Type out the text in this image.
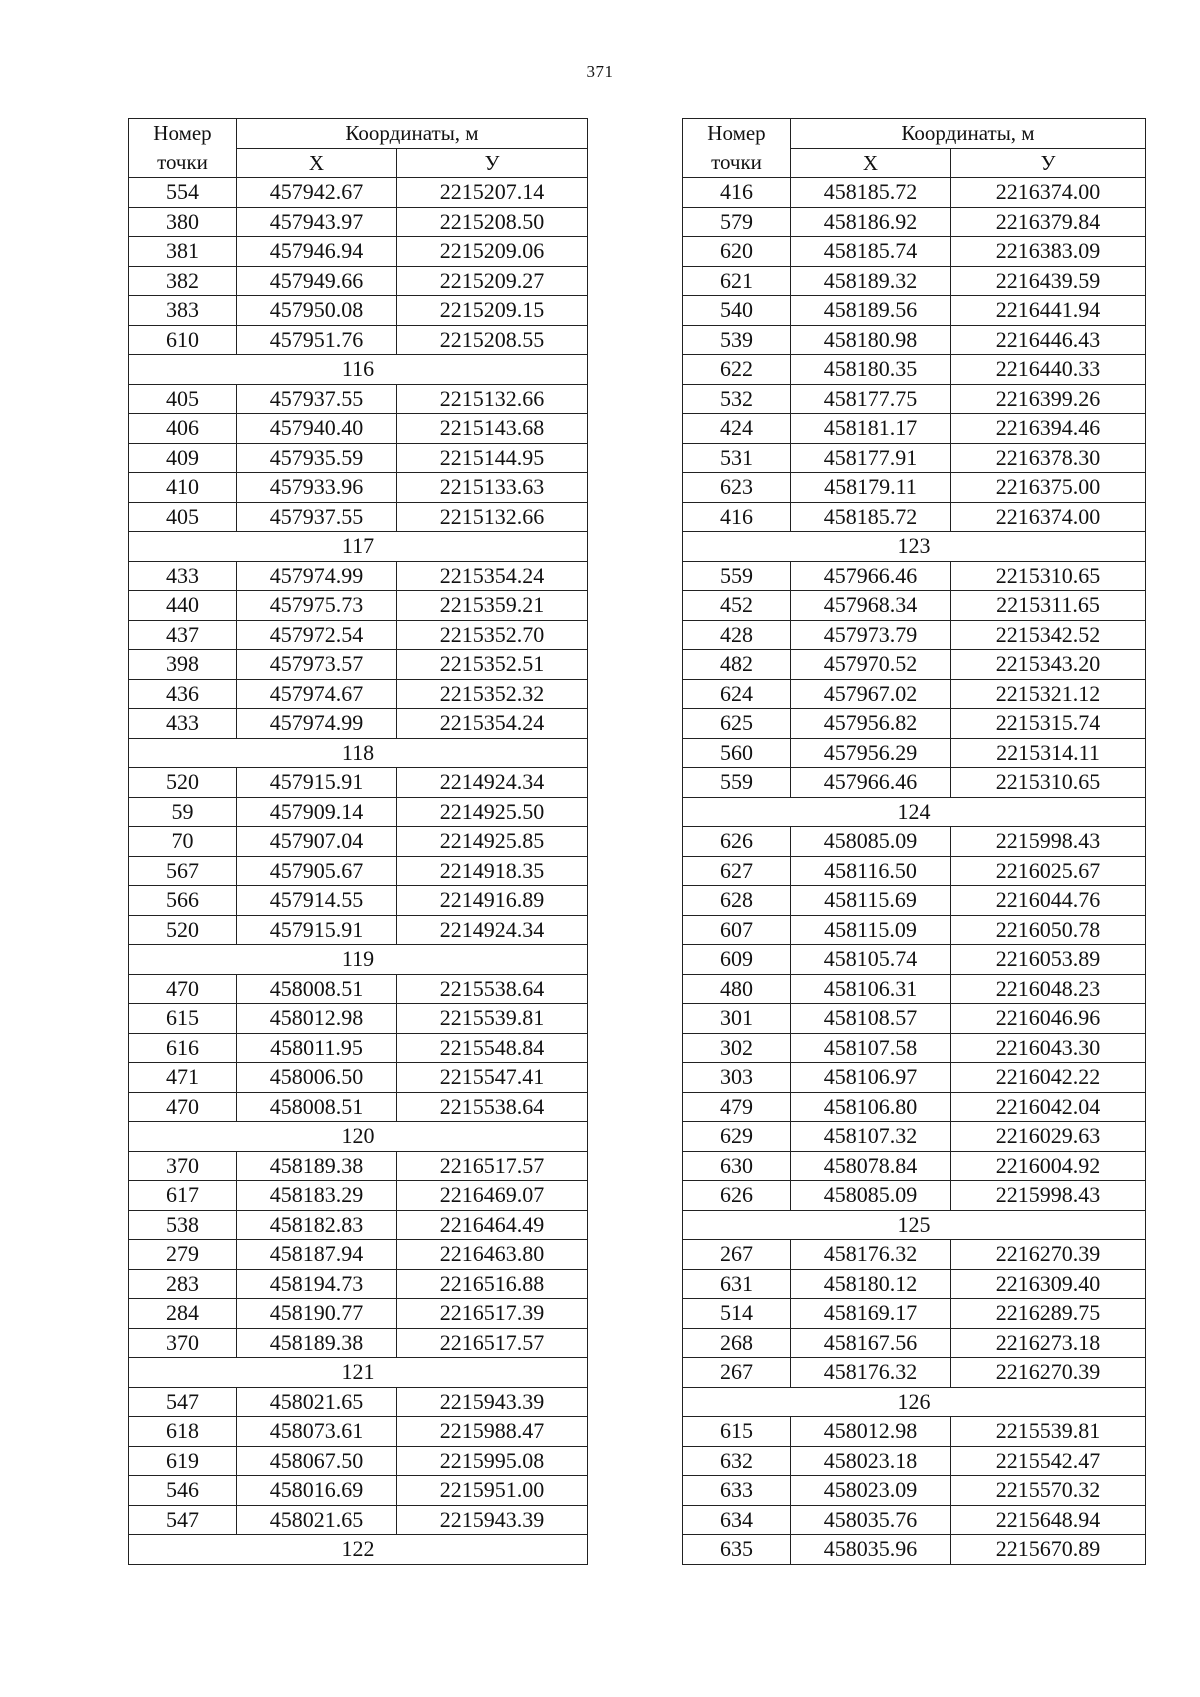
371
Номер	Координаты, м	
точки	X	У
554	457942.67	2215207.14
380	457943.97	2215208.50
381	457946.94	2215209.06
382	457949.66	2215209.27
383	457950.08	2215209.15
610	457951.76	2215208.55
116		
405	457937.55	2215132.66
406	457940.40	2215143.68
409	457935.59	2215144.95
410	457933.96	2215133.63
405	457937.55	2215132.66
117		
433	457974.99	2215354.24
440	457975.73	2215359.21
437	457972.54	2215352.70
398	457973.57	2215352.51
436	457974.67	2215352.32
433	457974.99	2215354.24
118		
520	457915.91	2214924.34
59	457909.14	2214925.50
70	457907.04	2214925.85
567	457905.67	2214918.35
566	457914.55	2214916.89
520	457915.91	2214924.34
119		
470	458008.51	2215538.64
615	458012.98	2215539.81
616	458011.95	2215548.84
471	458006.50	2215547.41
470	458008.51	2215538.64
120		
370	458189.38	2216517.57
617	458183.29	2216469.07
538	458182.83	2216464.49
279	458187.94	2216463.80
283	458194.73	2216516.88
284	458190.77	2216517.39
370	458189.38	2216517.57
121		
547	458021.65	2215943.39
618	458073.61	2215988.47
619	458067.50	2215995.08
546	458016.69	2215951.00
547	458021.65	2215943.39
122		
Номер	Координаты, м	
точки	X	У
416	458185.72	2216374.00
579	458186.92	2216379.84
620	458185.74	2216383.09
621	458189.32	2216439.59
540	458189.56	2216441.94
539	458180.98	2216446.43
622	458180.35	2216440.33
532	458177.75	2216399.26
424	458181.17	2216394.46
531	458177.91	2216378.30
623	458179.11	2216375.00
416	458185.72	2216374.00
123		
559	457966.46	2215310.65
452	457968.34	2215311.65
428	457973.79	2215342.52
482	457970.52	2215343.20
624	457967.02	2215321.12
625	457956.82	2215315.74
560	457956.29	2215314.11
559	457966.46	2215310.65
124		
626	458085.09	2215998.43
627	458116.50	2216025.67
628	458115.69	2216044.76
607	458115.09	2216050.78
609	458105.74	2216053.89
480	458106.31	2216048.23
301	458108.57	2216046.96
302	458107.58	2216043.30
303	458106.97	2216042.22
479	458106.80	2216042.04
629	458107.32	2216029.63
630	458078.84	2216004.92
626	458085.09	2215998.43
125		
267	458176.32	2216270.39
631	458180.12	2216309.40
514	458169.17	2216289.75
268	458167.56	2216273.18
267	458176.32	2216270.39
126		
615	458012.98	2215539.81
632	458023.18	2215542.47
633	458023.09	2215570.32
634	458035.76	2215648.94
635	458035.96	2215670.89
